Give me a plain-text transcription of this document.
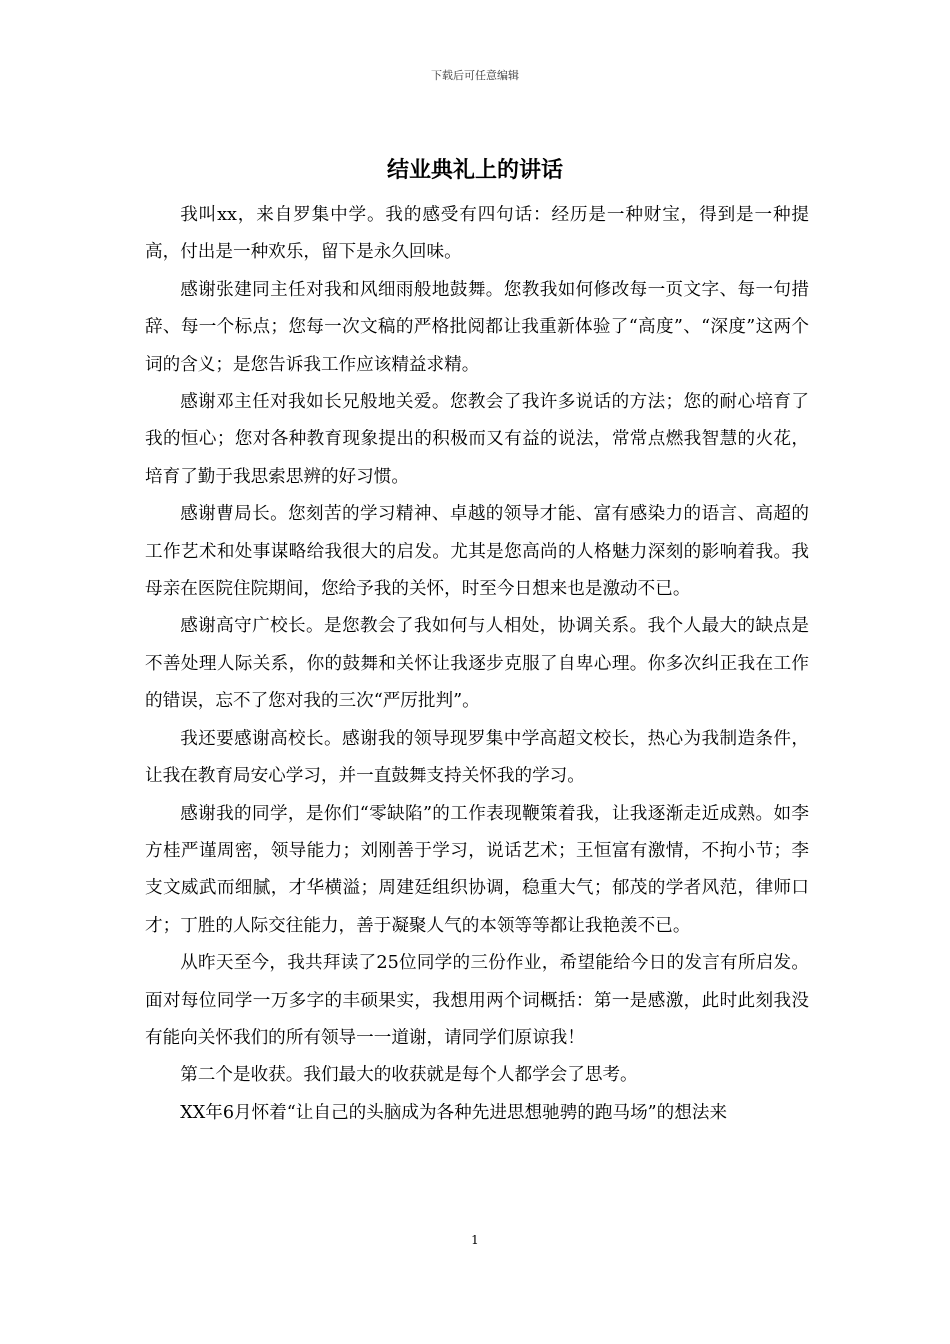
下载后可任意编辑
结业典礼上的讲话

我叫xx，来自罗集中学。我的感受有四句话：经历是一种财宝，得到是一种提高，付出是一种欢乐，留下是永久回味。

感谢张建同主任对我和风细雨般地鼓舞。您教我如何修改每一页文字、每一句措辞、每一个标点；您每一次文稿的严格批阅都让我重新体验了“高度”、“深度”这两个词的含义；是您告诉我工作应该精益求精。

感谢邓主任对我如长兄般地关爱。您教会了我许多说话的方法；您的耐心培育了我的恒心；您对各种教育现象提出的积极而又有益的说法，常常点燃我智慧的火花，培育了勤于我思索思辨的好习惯。

感谢曹局长。您刻苦的学习精神、卓越的领导才能、富有感染力的语言、高超的工作艺术和处事谋略给我很大的启发。尤其是您高尚的人格魅力深刻的影响着我。我母亲在医院住院期间，您给予我的关怀，时至今日想来也是激动不已。

感谢高守广校长。是您教会了我如何与人相处，协调关系。我个人最大的缺点是不善处理人际关系，你的鼓舞和关怀让我逐步克服了自卑心理。你多次纠正我在工作的错误，忘不了您对我的三次“严厉批判”。

我还要感谢高校长。感谢我的领导现罗集中学高超文校长，热心为我制造条件，让我在教育局安心学习，并一直鼓舞支持关怀我的学习。

感谢我的同学，是你们“零缺陷”的工作表现鞭策着我，让我逐渐走近成熟。如李方桂严谨周密，领导能力；刘刚善于学习，说话艺术；王恒富有激情，不拘小节；李支文威武而细腻，才华横溢；周建廷组织协调，稳重大气；郁茂的学者风范，律师口才；丁胜的人际交往能力，善于凝聚人气的本领等等都让我艳羡不已。

从昨天至今，我共拜读了25位同学的三份作业，希望能给今日的发言有所启发。面对每位同学一万多字的丰硕果实，我想用两个词概括：第一是感激，此时此刻我没有能向关怀我们的所有领导一一道谢，请同学们原谅我！

第二个是收获。我们最大的收获就是每个人都学会了思考。

XX年6月怀着“让自己的头脑成为各种先进思想驰骋的跑马场”的想法来

1
